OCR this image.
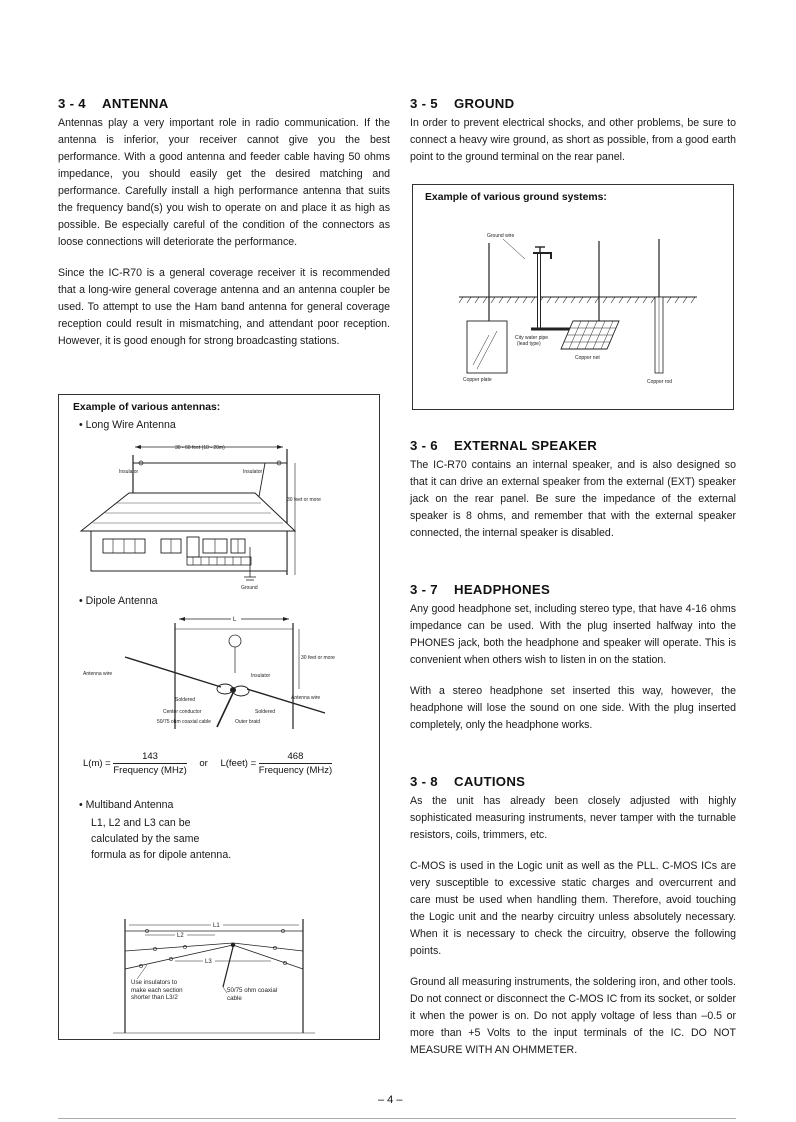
3 - 4 ANTENNA

Antennas play a very important role in radio communication. If the antenna is inferior, your receiver cannot give you the best performance. With a good antenna and feeder cable having 50 ohms impedance, you should easily get the desired matching and performance. Carefully install a high performance antenna that suits the frequency band(s) you wish to operate on and place it as high as possible. Be especially careful of the condition of the connectors as loose connections will deteriorate the performance.

Since the IC-R70 is a general coverage receiver it is recommended that a long-wire general coverage antenna and an antenna coupler be used. To attempt to use the Ham band antenna for general coverage reception could result in mismatching, and attendant poor reception. However, it is good enough for strong broadcasting stations.

Example of various antennas:
• Long Wire Antenna
30 - 60 feet (10 - 20m)
Insulator	Insulator
30 feet or more
Ground
• Dipole Antenna
L
30 feet or more
Antenna wire	Insulator
Soldered	Antenna wire
Center conductor	Soldered
50/75 ohm coaxial cable	Outer braid
$L(m) = \frac{143}{\text{Frequency (MHz)}}$ or L(feet) = $\frac{468}{\text{Frequency (MHz)}}$
• Multiband Antenna
L1, L2 and L3 can be calculated by the same formula as for dipole antenna.
L1
L2
L3
Use insulators to make each section shorter than L3/2
50/75 ohm coaxial cable
3 - 5 GROUND

In order to prevent electrical shocks, and other problems, be sure to connect a heavy wire ground, as short as possible, from a good earth point to the ground terminal on the rear panel.

Example of various ground systems:
Ground wire
Copper plate
City water pipe
(lead type)
Copper net
Copper rod
3 - 6 EXTERNAL SPEAKER

The IC-R70 contains an internal speaker, and is also designed so that it can drive an external speaker from the external (EXT) speaker jack on the rear panel. Be sure the impedance of the external speaker is 8 ohms, and remember that with the external speaker connected, the internal speaker is disabled.

3 - 7 HEADPHONES

Any good headphone set, including stereo type, that have 4-16 ohms impedance can be used. With the plug inserted halfway into the PHONES jack, both the headphone and speaker will operate. This is convenient when others wish to listen in on the station.

With a stereo headphone set inserted this way, however, the headphone will lose the sound on one side. With the plug inserted completely, only the headphone works.

3 - 8 CAUTIONS

As the unit has already been closely adjusted with highly sophisticated measuring instruments, never tamper with the turnable resistors, coils, trimmers, etc.

C-MOS is used in the Logic unit as well as the PLL. C-MOS ICs are very susceptible to excessive static charges and overcurrent and care must be used when handling them. Therefore, avoid touching the Logic unit and the nearby circuitry unless absolutely necessary. When it is necessary to check the circuitry, observe the following points.

Ground all measuring instruments, the soldering iron, and other tools. Do not connect or disconnect the C-MOS IC from its socket, or solder it when the power is on. Do not apply voltage of less than –0.5 or more than +5 Volts to the input terminals of the IC. DO NOT MEASURE WITH AN OHMMETER.

– 4 –
